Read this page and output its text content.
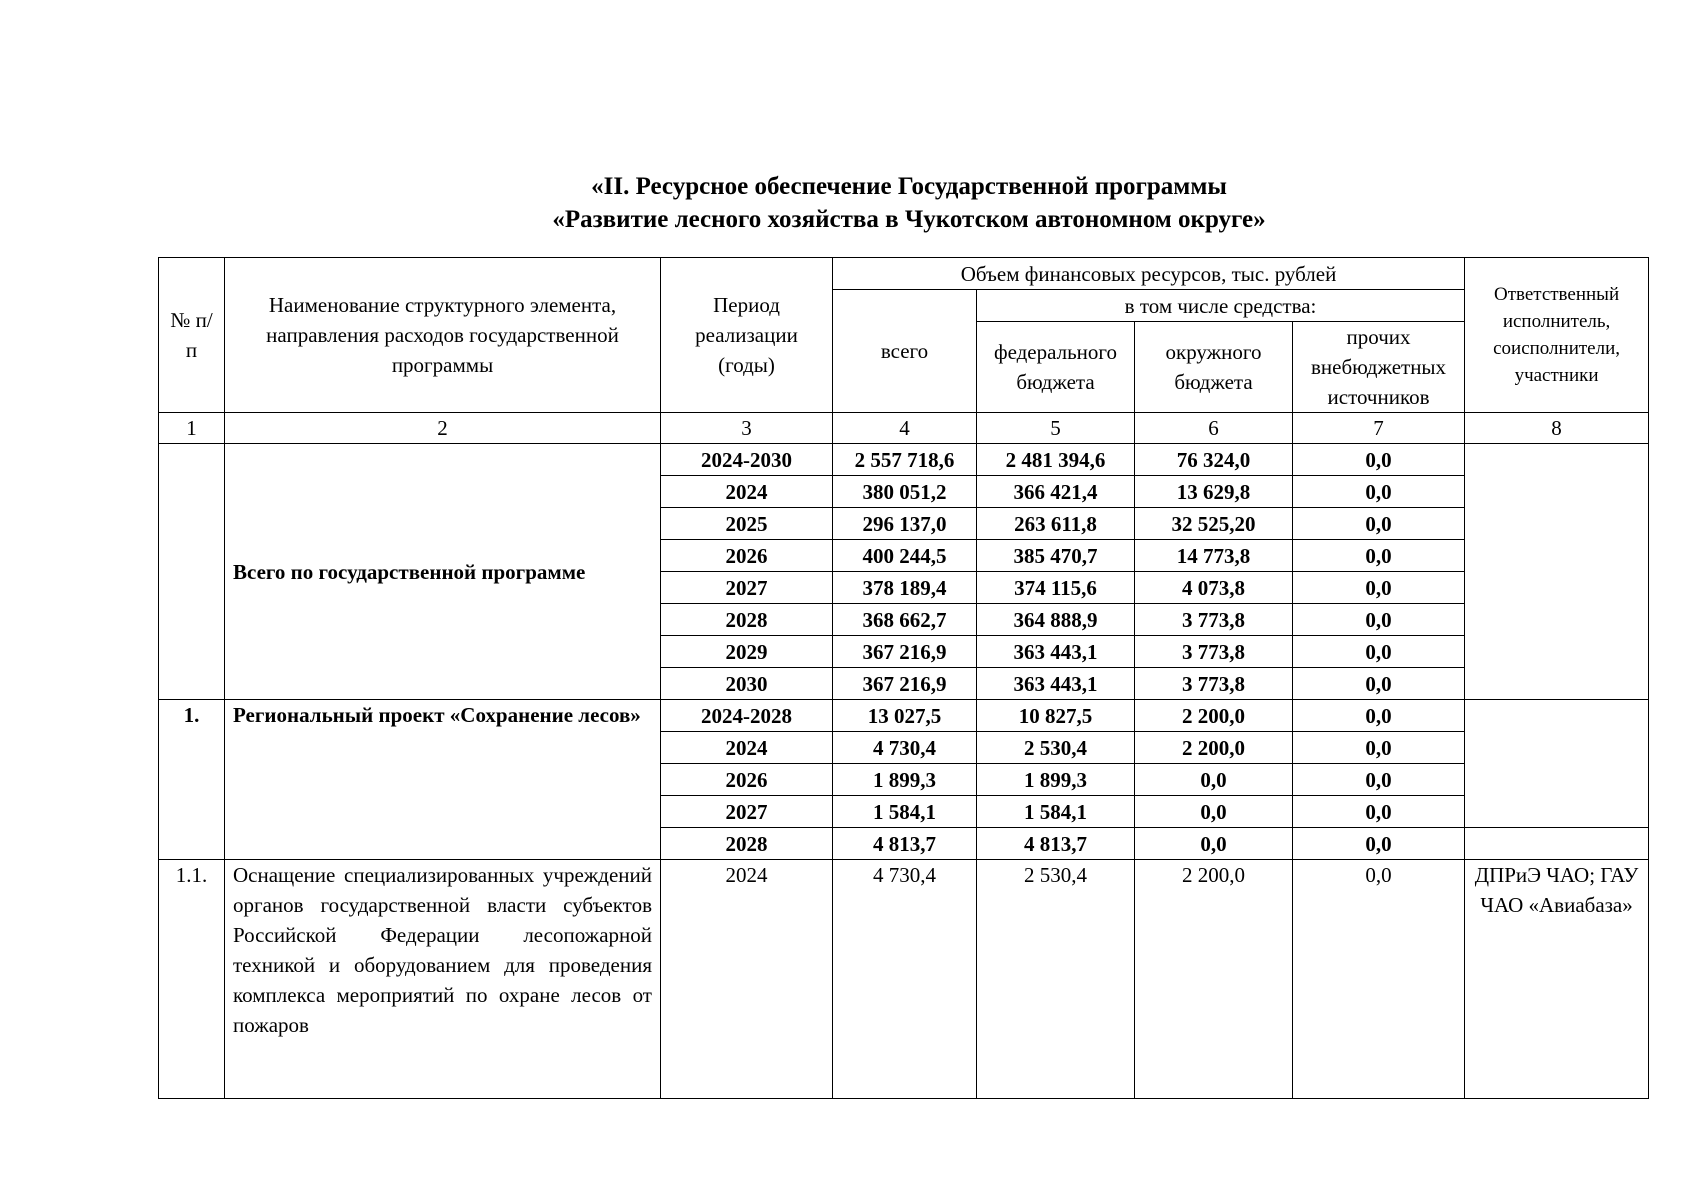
«II. Ресурсное обеспечение Государственной программы
«Развитие лесного хозяйства в Чукотском автономном округе»
№ п/п	Наименование структурного элемента, направления расходов государственной программы	Период реализации (годы)	Объем финансовых ресурсов, тыс. рублей				Ответственный исполнитель, соисполнители, участники
			всего	в том числе средства:			
				федерального бюджета	окружного бюджета	прочих внебюджетных источников	
1	2	3	4	5	6	7	8
	Всего по государственной программе	2024-2030	2 557 718,6	2 481 394,6	76 324,0	0,0	
		2024	380 051,2	366 421,4	13 629,8	0,0	
		2025	296 137,0	263 611,8	32 525,20	0,0	
		2026	400 244,5	385 470,7	14 773,8	0,0	
		2027	378 189,4	374 115,6	4 073,8	0,0	
		2028	368 662,7	364 888,9	3 773,8	0,0	
		2029	367 216,9	363 443,1	3 773,8	0,0	
		2030	367 216,9	363 443,1	3 773,8	0,0	
1.	Региональный проект «Сохранение лесов»	2024-2028	13 027,5	10 827,5	2 200,0	0,0	
		2024	4 730,4	2 530,4	2 200,0	0,0	
		2026	1 899,3	1 899,3	0,0	0,0	
		2027	1 584,1	1 584,1	0,0	0,0	
		2028	4 813,7	4 813,7	0,0	0,0	
1.1.	Оснащение специализированных учреждений органов государственной власти субъектов Российской Федерации лесопожарной техникой и оборудованием для проведения комплекса мероприятий по охране лесов от пожаров	2024	4 730,4	2 530,4	2 200,0	0,0	ДПРиЭ ЧАО; ГАУ ЧАО «Авиабаза»
